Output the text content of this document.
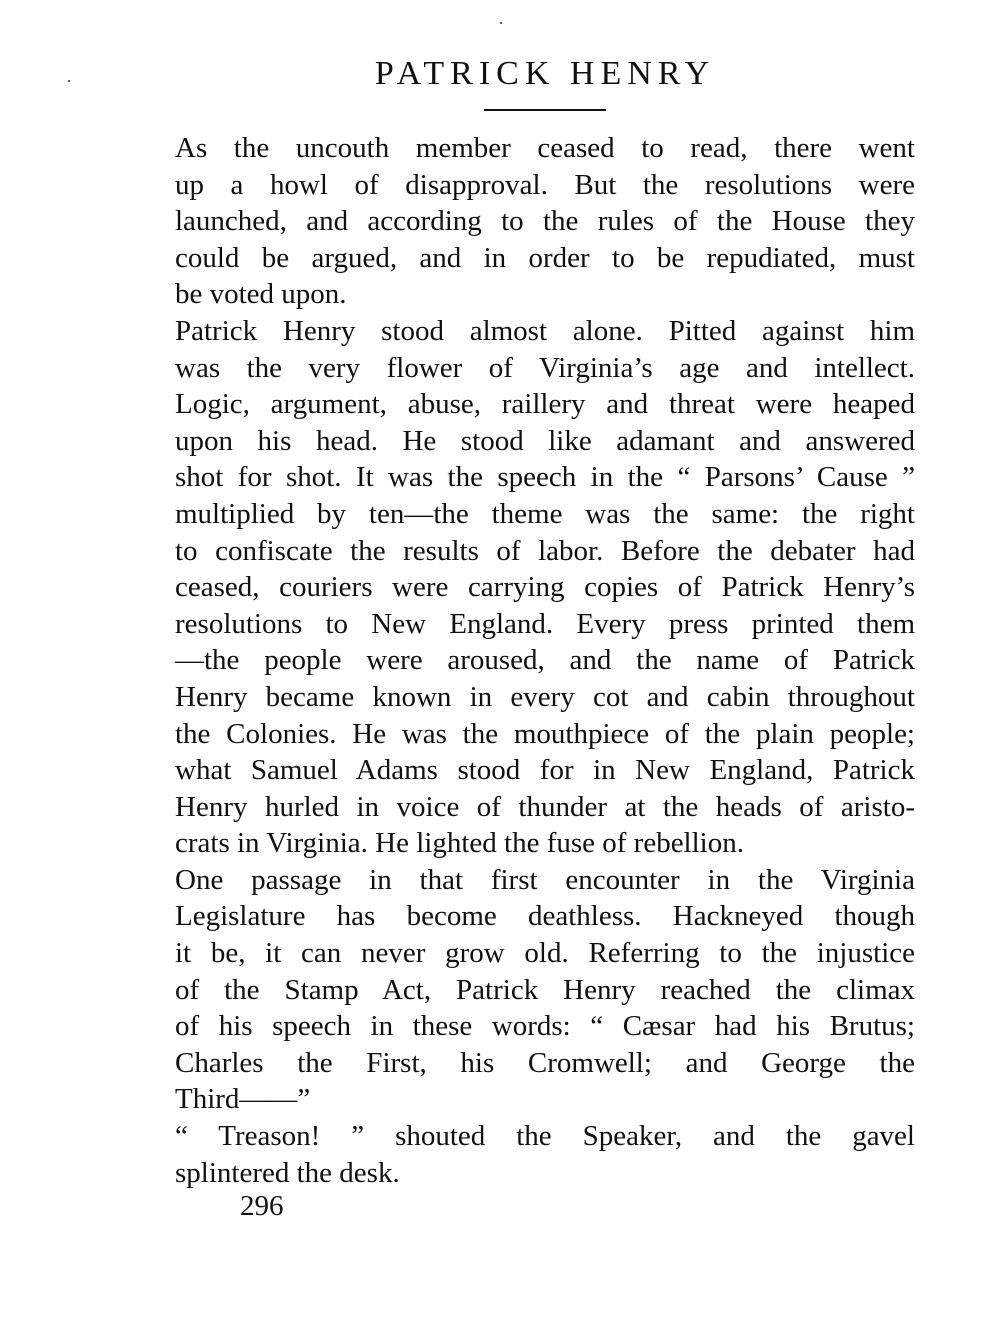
PATRICK HENRY
As the uncouth member ceased to read, there went
up a howl of disapproval. But the resolutions were
launched, and according to the rules of the House they
could be argued, and in order to be repudiated, must
be voted upon.
Patrick Henry stood almost alone. Pitted against him
was the very flower of Virginia’s age and intellect.
Logic, argument, abuse, raillery and threat were heaped
upon his head. He stood like adamant and answered
shot for shot. It was the speech in the “ Parsons’ Cause ”
multiplied by ten—the theme was the same: the right
to confiscate the results of labor. Before the debater had
ceased, couriers were carrying copies of Patrick Henry’s
resolutions to New England. Every press printed them
—the people were aroused, and the name of Patrick
Henry became known in every cot and cabin throughout
the Colonies. He was the mouthpiece of the plain people;
what Samuel Adams stood for in New England, Patrick
Henry hurled in voice of thunder at the heads of aristo-
crats in Virginia. He lighted the fuse of rebellion.
One passage in that first encounter in the Virginia
Legislature has become deathless. Hackneyed though
it be, it can never grow old. Referring to the injustice
of the Stamp Act, Patrick Henry reached the climax
of his speech in these words: “ Cæsar had his Brutus;
Charles the First, his Cromwell; and George the
Third——”
“ Treason! ” shouted the Speaker, and the gavel
splintered the desk.
296
